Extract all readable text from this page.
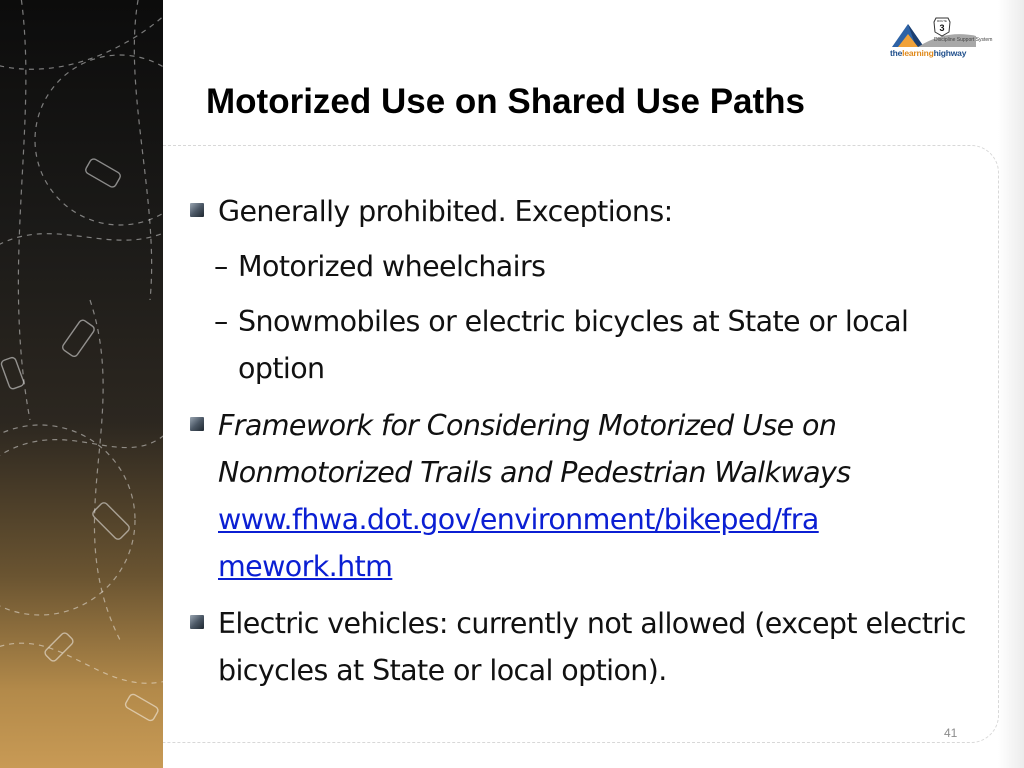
3
ROUTE
Discipline Support System
thelearninghighway
Motorized Use on Shared Use Paths

Generally prohibited. Exceptions:

– Motorized wheelchairs

– Snowmobiles or electric bicycles at State or local option

Framework for Considering Motorized Use on Nonmotorized Trails and Pedestrian Walkways
www.fhwa.dot.gov/environment/bikeped/fra
mework.htm

Electric vehicles: currently not allowed (except electric bicycles at State or local option).

41
